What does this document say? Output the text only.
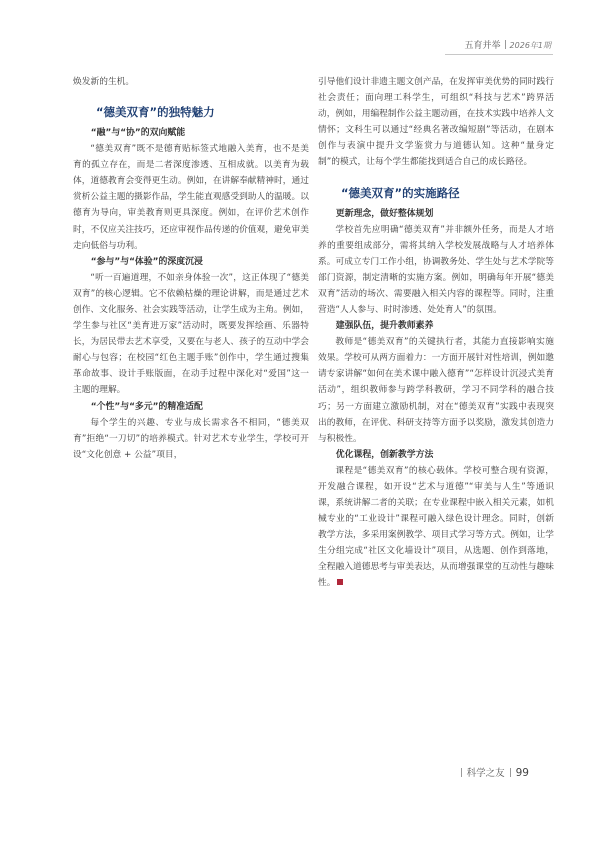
五育并举 2026年1期

焕发新的生机。

“德美双育”的独特魅力
“融”与“协”的双向赋能

“德美双育”既不是德育贴标签式地融入美育，也不是美育的孤立存在，而是二者深度渗透、互相成就。以美育为载体，道德教育会变得更生动。例如，在讲解奉献精神时，通过赏析公益主题的摄影作品，学生能直观感受到助人的温暖。以德育为导向，审美教育则更具深度。例如，在评价艺术创作时，不仅应关注技巧，还应审视作品传递的价值观，避免审美走向低俗与功利。

“参与”与“体验”的深度沉浸

“听一百遍道理，不如亲身体验一次”，这正体现了“德美双育”的核心逻辑。它不依赖枯燥的理论讲解，而是通过艺术创作、文化服务、社会实践等活动，让学生成为主角。例如，学生参与社区“美育进万家”活动时，既要发挥绘画、乐器特长，为居民带去艺术享受，又要在与老人、孩子的互动中学会耐心与包容；在校园“红色主题手账”创作中，学生通过搜集革命故事、设计手账版面，在动手过程中深化对“爱国”这一主题的理解。

“个性”与“多元”的精准适配

每个学生的兴趣、专业与成长需求各不相同，“德美双育”拒绝“一刀切”的培养模式。针对艺术专业学生，学校可开设“文化创意 + 公益”项目，

引导他们设计非遗主题文创产品，在发挥审美优势的同时践行社会责任；面向理工科学生，可组织“科技与艺术”跨界活动，例如，用编程制作公益主题动画，在技术实践中培养人文情怀；文科生可以通过“经典名著改编短剧”等活动，在剧本创作与表演中提升文学鉴赏力与道德认知。这种“量身定制”的模式，让每个学生都能找到适合自己的成长路径。

“德美双育”的实施路径
更新理念，做好整体规划

学校首先应明确“德美双育”并非额外任务，而是人才培养的重要组成部分，需将其纳入学校发展战略与人才培养体系。可成立专门工作小组，协调教务处、学生处与艺术学院等部门资源，制定清晰的实施方案。例如，明确每年开展“德美双育”活动的场次、需要融入相关内容的课程等。同时，注重营造“人人参与、时时渗透、处处育人”的氛围。

建强队伍，提升教师素养

教师是“德美双育”的关键执行者，其能力直接影响实施效果。学校可从两方面着力：一方面开展针对性培训，例如邀请专家讲解“如何在美术课中融入德育”“怎样设计沉浸式美育活动”，组织教师参与跨学科教研，学习不同学科的融合技巧；另一方面建立激励机制，对在“德美双育”实践中表现突出的教师，在评优、科研支持等方面予以奖励，激发其创造力与积极性。

优化课程，创新教学方法

课程是“德美双育”的核心载体。学校可整合现有资源，开发融合课程，如开设“艺术与道德”“审美与人生”等通识课，系统讲解二者的关联；在专业课程中嵌入相关元素，如机械专业的“工业设计”课程可融入绿色设计理念。同时，创新教学方法，多采用案例教学、项目式学习等方式。例如，让学生分组完成“社区文化墙设计”项目，从选题、创作到落地，全程融入道德思考与审美表达，从而增强课堂的互动性与趣味性。

科学之友 99
